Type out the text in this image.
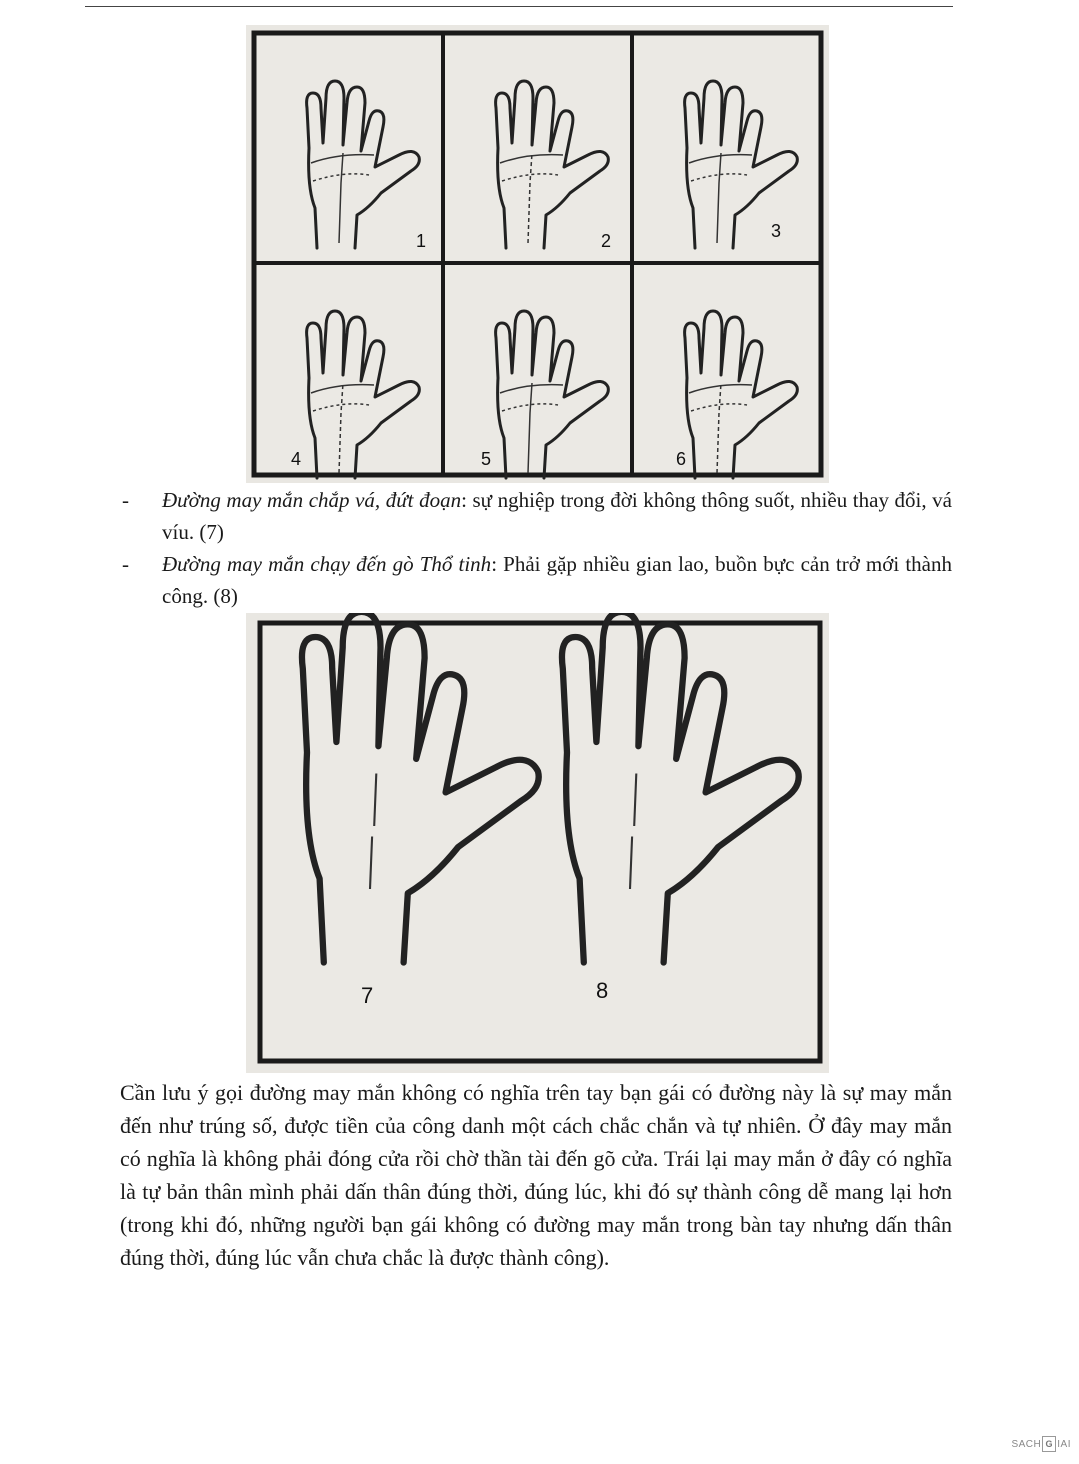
1	2	3
4	5	6
-	Đường may mắn chắp vá, đứt đoạn: sự nghiệp trong đời không thông suốt, nhiều thay đổi, vá víu. (7)
-	Đường may mắn chạy đến gò Thổ tinh: Phải gặp nhiều gian lao, buồn bực cản trở mới thành công. (8)
7	8

Cần lưu ý gọi đường may mắn không có nghĩa trên tay bạn gái có đường này là sự may mắn đến như trúng số, được tiền của công danh một cách chắc chắn và tự nhiên. Ở đây may mắn có nghĩa là không phải đóng cửa rồi chờ thần tài đến gõ cửa. Trái lại may mắn ở đây có nghĩa là tự bản thân mình phải dấn thân đúng thời, đúng lúc, khi đó sự thành công dễ mang lại hơn (trong khi đó, những người bạn gái không có đường may mắn trong bàn tay nhưng dấn thân đúng thời, đúng lúc vẫn chưa chắc là được thành công).

SACH G IAI
